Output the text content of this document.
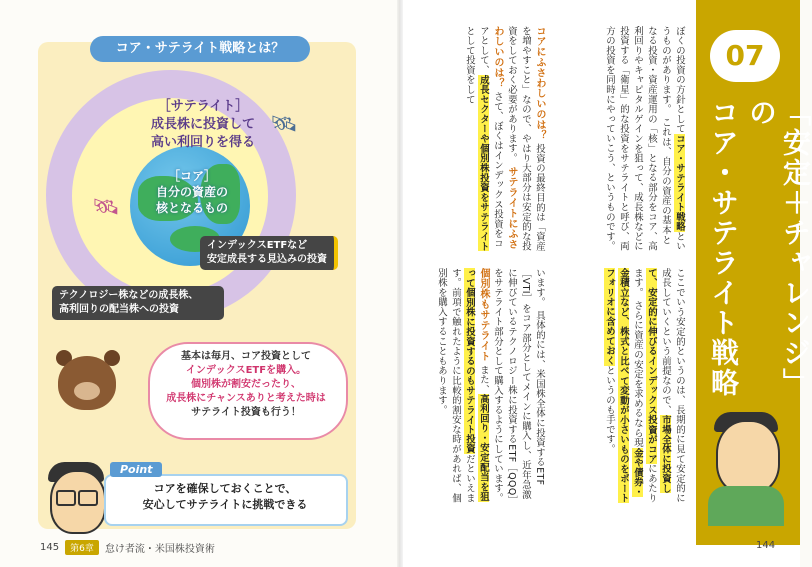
コア・サテライト戦略とは？
［サテライト］
成長株に投資して
高い利回りを得る
［コア］
自分の資産の
核となるもの
🛰
🛰
インデックスETFなど
安定成長する見込みの投資
テクノロジー株などの成長株、
高利回りの配当株への投資
基本は毎月、コア投資として
インデックスETFを購入。
個別株が割安だったり、
成長株にチャンスありと考えた時は
サテライト投資も行う！
Point
コアを確保しておくことで、
安心してサテライトに挑戦できる
145	第6章	怠け者流・米国株投資術
ぼくの投資の方針としてコア・サテライト戦略というものがあります。 これは、自分の資産の基本となる投資・資産運用の「核」となる部分をコア、高利回りやキャピタルゲインを狙って、成長株などに投資する「衛星」的な投資をサテライトと呼び、両方の投資を同時にやっていこう、というものです。
コアにふさわしいのは？ 投資の最終目的は「資産を増やすこと」なので、やはり大部分は安定的な投資をしておく必要があります。 サテライトにふさわしいのは？ さて、ぼくはインデックス投資をコアとして、成長セクターや個別株投資をサテライトとして投資をして
ここでいう安定的というのは、長期的に見て安定的に成長していくという前提なので、市場全体に投資して、安定的に伸びるインデックス投資がコアにあたります。 さらに資産の安定を求めるなら現金や債券・金積立など、株式と比べて変動が小さいものをポートフォリオに含めておくというのも手です。
います。 具体的には、米国株全体に投資するETF［VTI］をコア部分としてメインに購入し、近年急激に伸びているテクノロジー株に投資するETF［QQQ］をサテライト部分として購入するようにしています。 個別株もサテライト また、高利回り・安定配当を狙って個別株に投資するのもサテライト投資だといえます。前項で触れたように比較的割安な時があれば、個別株を購入することもあります。
07
「安定＋チャレンジ」の
コア・サテライト戦略
144
